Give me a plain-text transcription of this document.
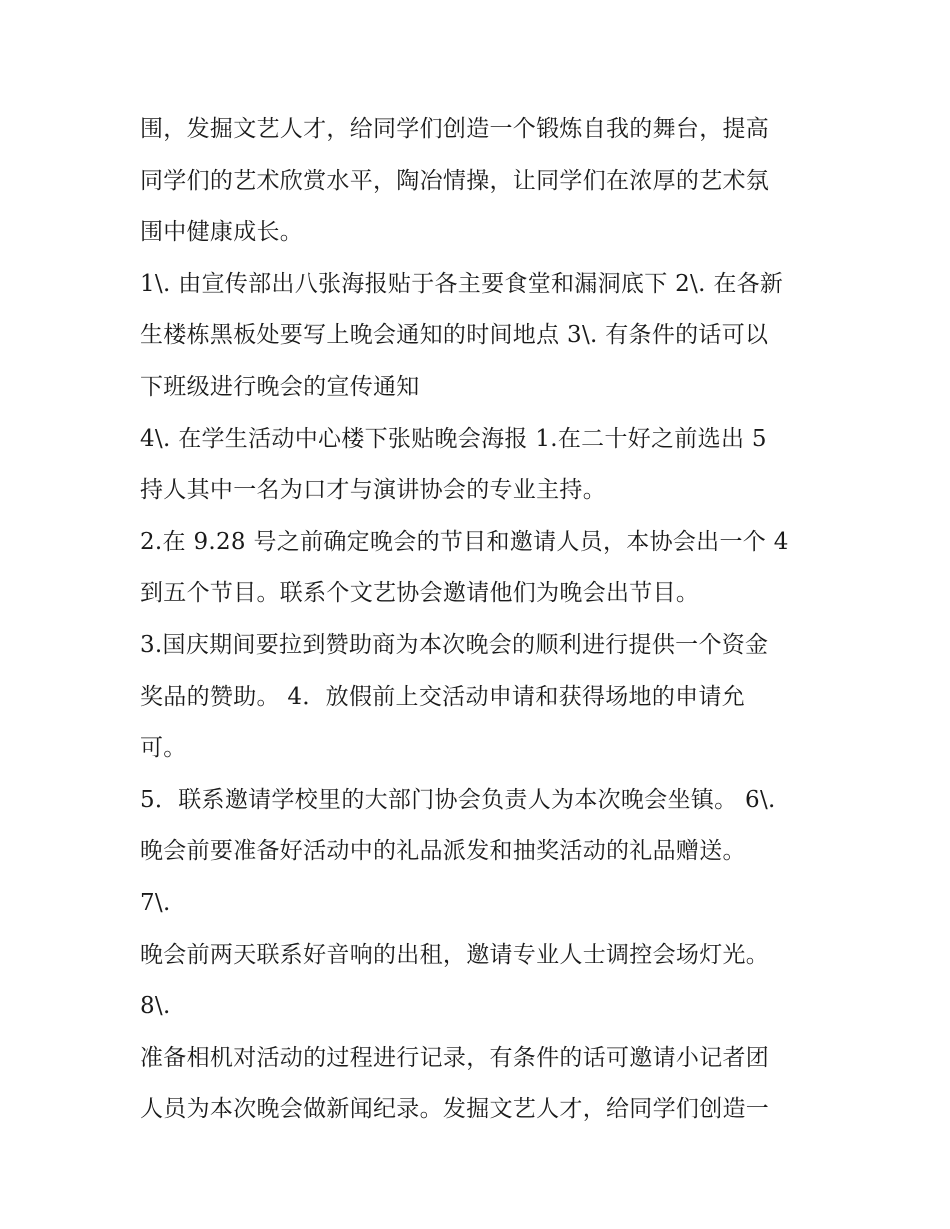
围，发掘文艺人才，给同学们创造一个锻炼自我的舞台，提高
同学们的艺术欣赏水平，陶冶情操，让同学们在浓厚的艺术氛
围中健康成长。
1\. 由宣传部出八张海报贴于各主要食堂和漏洞底下 2\. 在各新
生楼栋黑板处要写上晚会通知的时间地点 3\. 有条件的话可以
下班级进行晚会的宣传通知
4\. 在学生活动中心楼下张贴晚会海报 1.在二十好之前选出 5
持人其中一名为口才与演讲协会的专业主持。
2.在 9.28 号之前确定晚会的节目和邀请人员，本协会出一个 4
到五个节目。联系个文艺协会邀请他们为晚会出节目。
3.国庆期间要拉到赞助商为本次晚会的顺利进行提供一个资金
奖品的赞助。 4．放假前上交活动申请和获得场地的申请允
可。
5．联系邀请学校里的大部门协会负责人为本次晚会坐镇。 6\.
晚会前要准备好活动中的礼品派发和抽奖活动的礼品赠送。
7\.
晚会前两天联系好音响的出租，邀请专业人士调控会场灯光。
8\.
准备相机对活动的过程进行记录，有条件的话可邀请小记者团
人员为本次晚会做新闻纪录。发掘文艺人才，给同学们创造一
